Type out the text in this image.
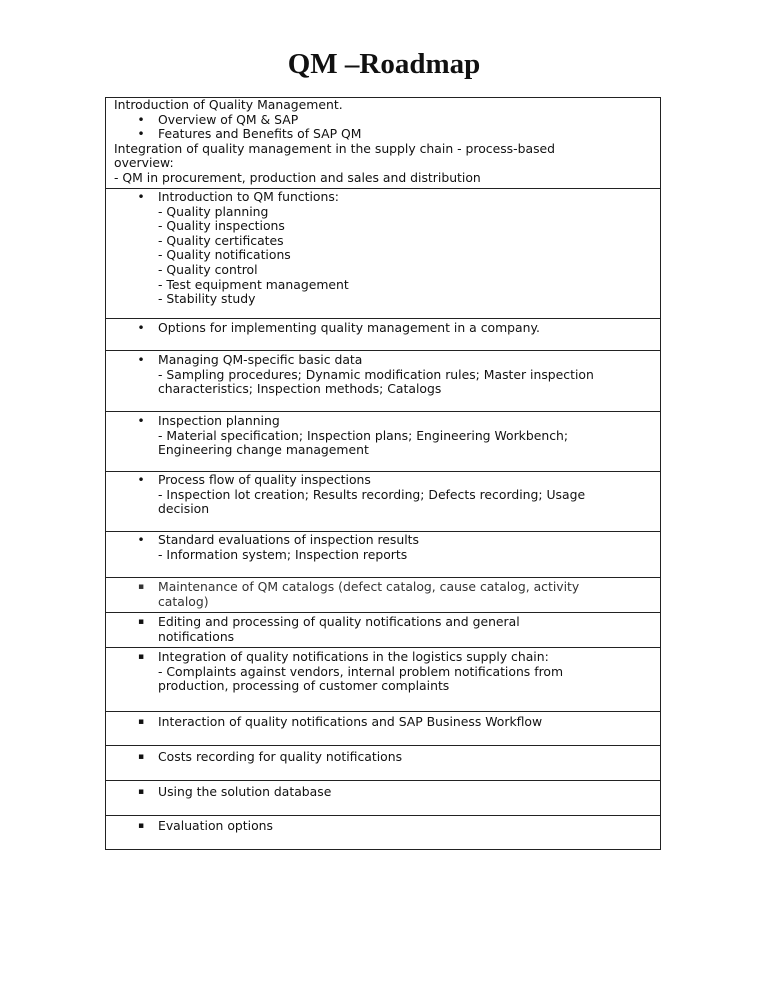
QM –Roadmap
Introduction of Quality Management.
• Overview of QM & SAP
• Features and Benefits of SAP QM
Integration of quality management in the supply chain - process-based
overview:
- QM in procurement, production and sales and distribution
• Introduction to QM functions:
- Quality planning
- Quality inspections
- Quality certificates
- Quality notifications
- Quality control
- Test equipment management
- Stability study
• Options for implementing quality management in a company.
• Managing QM-specific basic data
- Sampling procedures; Dynamic modification rules; Master inspection
characteristics; Inspection methods; Catalogs
• Inspection planning
- Material specification; Inspection plans; Engineering Workbench;
Engineering change management
• Process flow of quality inspections
- Inspection lot creation; Results recording; Defects recording; Usage
decision
• Standard evaluations of inspection results
- Information system; Inspection reports
▪	Maintenance of QM catalogs (defect catalog, cause catalog, activity
catalog)
▪	Editing and processing of quality notifications and general
notifications
▪	Integration of quality notifications in the logistics supply chain:
- Complaints against vendors, internal problem notifications from
production, processing of customer complaints
▪	Interaction of quality notifications and SAP Business Workflow
▪	Costs recording for quality notifications
▪	Using the solution database
▪	Evaluation options
